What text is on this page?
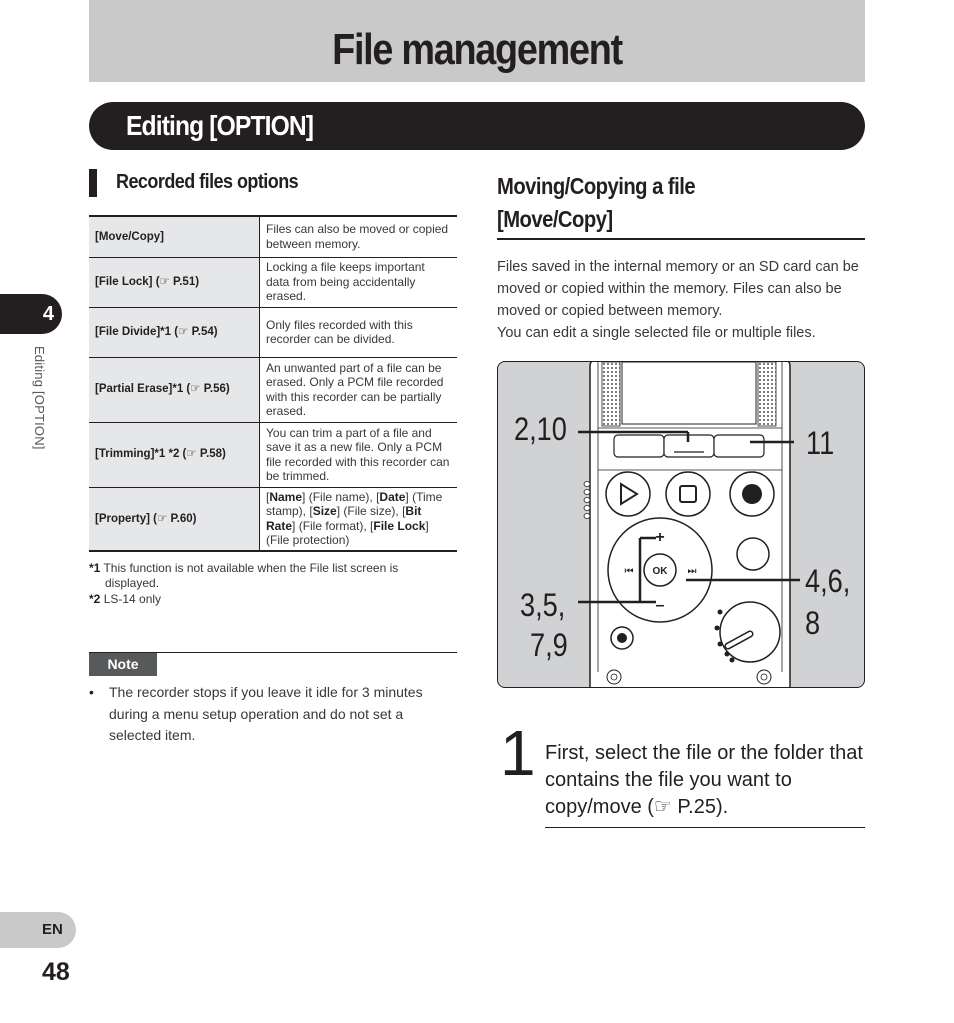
File management
Editing [OPTION]
4
Editing [OPTION]
EN
48
Recorded files options
[Move/Copy]	Files can also be moved or copied between memory.
[File Lock] (☞ P.51)	Locking a file keeps important data from being accidentally erased.
[File Divide]*1 (☞ P.54)	Only files recorded with this recorder can be divided.
[Partial Erase]*1 (☞ P.56)	An unwanted part of a file can be erased. Only a PCM file recorded with this recorder can be partially erased.
[Trimming]*1 *2 (☞ P.58)	You can trim a part of a file and save it as a new file. Only a PCM file recorded with this recorder can be trimmed.
[Property] (☞ P.60)	[Name] (File name), [Date] (Time stamp), [Size] (File size), [Bit Rate] (File format), [File Lock] (File protection)
*1 This function is not available when the File list screen is displayed.
*2 LS-14 only
Note
• The recorder stops if you leave it idle for 3 minutes during a menu setup operation and do not set a selected item.
Moving/Copying a file
[Move/Copy]
Files saved in the internal memory or an SD card can be moved or copied within the memory. Files can also be moved or copied between memory.
You can edit a single selected file or multiple files.
OK
+
–
⏮	⏭
2,10	11
3,5,
7,9
4,6,
8
1 First, select the file or the folder that contains the file you want to copy/move (☞ P.25).
